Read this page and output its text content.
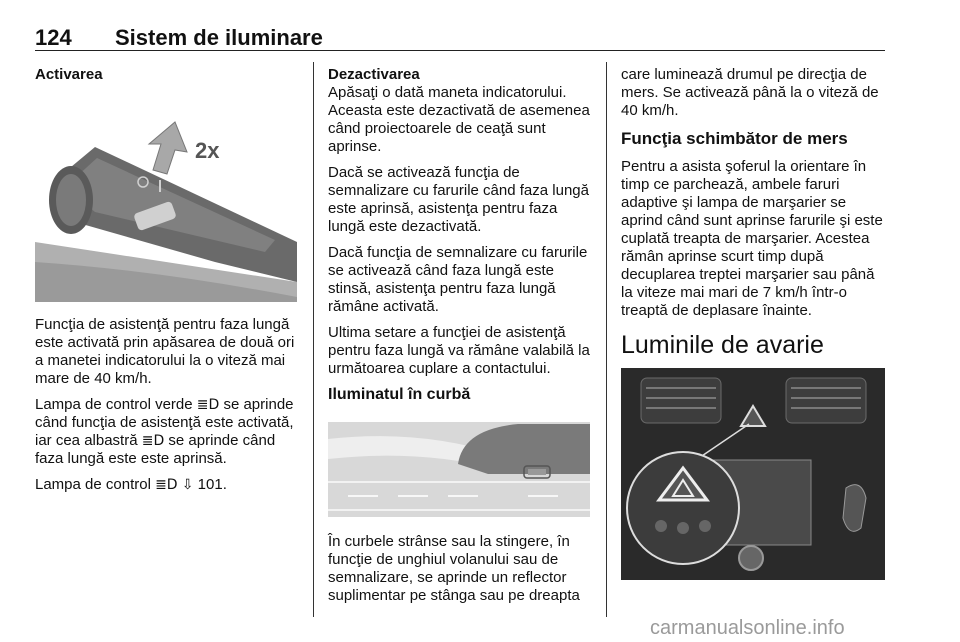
124 Sistem de iluminare

Activarea

2x

Funcţia de asistenţă pentru faza lungă este activată prin apăsarea de două ori a manetei indicatorului la o viteză mai mare de 40 km/h.

Lampa de control verde ≣D se aprinde când funcţia de asistenţă este activată, iar cea albastră ≣D se aprinde când faza lungă este este aprinsă.

Lampa de control ≣D ⇩ 101.

Dezactivarea

Apăsaţi o dată maneta indicatorului. Aceasta este dezactivată de asemenea când proiectoarele de ceaţă sunt aprinse.

Dacă se activează funcţia de semnalizare cu farurile când faza lungă este aprinsă, asistenţa pentru faza lungă este dezactivată.

Dacă funcţia de semnalizare cu farurile se activează când faza lungă este stinsă, asistenţa pentru faza lungă rămâne activată.

Ultima setare a funcţiei de asistenţă pentru faza lungă va rămâne valabilă la următoarea cuplare a contactului.

Iluminatul în curbă

În curbele strânse sau la stingere, în funcţie de unghiul volanului sau de semnalizare, se aprinde un reflector suplimentar pe stânga sau pe dreapta

care luminează drumul pe direcţia de mers. Se activează până la o viteză de 40 km/h.

Funcţia schimbător de mers

Pentru a asista şoferul la orientare în timp ce parchează, ambele faruri adaptive şi lampa de marşarier se aprind când sunt aprinse farurile şi este cuplată treapta de marşarier. Acestea rămân aprinse scurt timp după decuplarea treptei marşarier sau până la viteze mai mari de 7 km/h într-o treaptă de deplasare înainte.

Luminile de avarie
carmanualsonline.info
